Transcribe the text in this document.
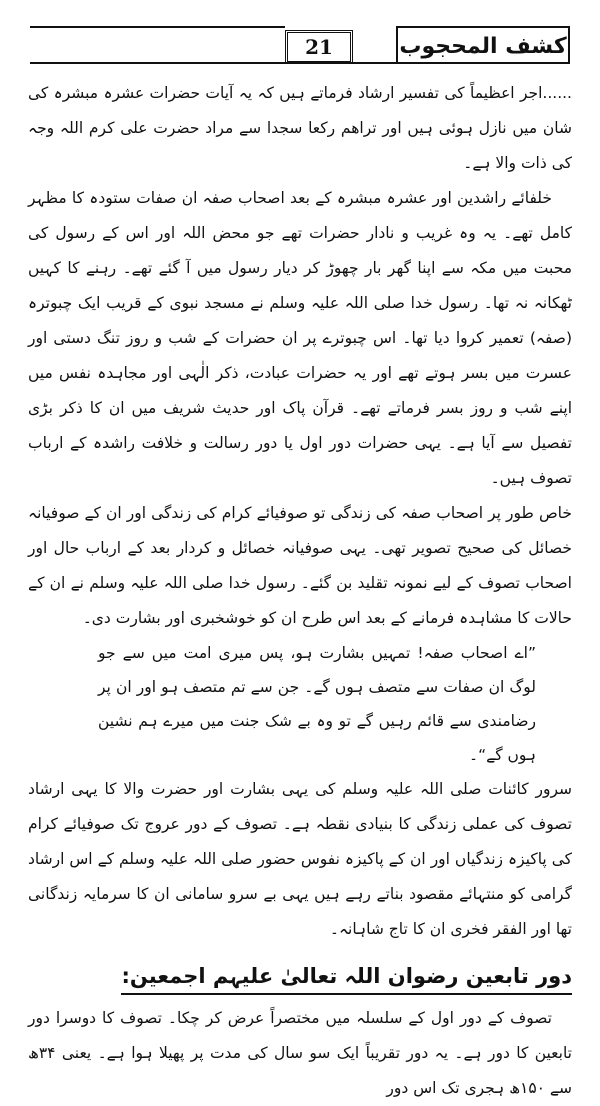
21	کشف المحجوب

......اجر اعظیماً کی تفسیر ارشاد فرماتے ہیں کہ یہ آیات حضرات عشرہ مبشرہ کی شان میں نازل ہوئی ہیں اور تراھم رکعا سجدا سے مراد حضرت علی کرم اللہ وجہ کی ذات والا ہے۔

خلفائے راشدین اور عشرہ مبشرہ کے بعد اصحاب صفہ ان صفات ستودہ کا مظہر کامل تھے۔ یہ وہ غریب و نادار حضرات تھے جو محض اللہ اور اس کے رسول کی محبت میں مکہ سے اپنا گھر بار چھوڑ کر دیار رسول میں آ گئے تھے۔ رہنے کا کہیں ٹھکانہ نہ تھا۔ رسول خدا صلی اللہ علیہ وسلم نے مسجد نبوی کے قریب ایک چبوترہ (صفہ) تعمیر کروا دیا تھا۔ اس چبوترے پر ان حضرات کے شب و روز تنگ دستی اور عسرت میں بسر ہوتے تھے اور یہ حضرات عبادت، ذکر الٰہی اور مجاہدہ نفس میں اپنے شب و روز بسر فرماتے تھے۔ قرآن پاک اور حدیث شریف میں ان کا ذکر بڑی تفصیل سے آیا ہے۔ یہی حضرات دور اول یا دور رسالت و خلافت راشدہ کے ارباب تصوف ہیں۔

خاص طور پر اصحاب صفہ کی زندگی تو صوفیائے کرام کی زندگی اور ان کے صوفیانہ خصائل کی صحیح تصویر تھی۔ یہی صوفیانہ خصائل و کردار بعد کے ارباب حال اور اصحاب تصوف کے لیے نمونہ تقلید بن گئے۔ رسول خدا صلی اللہ علیہ وسلم نے ان کے حالات کا مشاہدہ فرمانے کے بعد اس طرح ان کو خوشخبری اور بشارت دی۔

”اے اصحاب صفہ! تمہیں بشارت ہو، پس میری امت میں سے جو لوگ ان صفات سے متصف ہوں گے۔ جن سے تم متصف ہو اور ان پر رضامندی سے قائم رہیں گے تو وہ بے شک جنت میں میرے ہم نشین ہوں گے“۔

سرور کائنات صلی اللہ علیہ وسلم کی یہی بشارت اور حضرت والا کا یہی ارشاد تصوف کی عملی زندگی کا بنیادی نقطہ ہے۔ تصوف کے دور عروج تک صوفیائے کرام کی پاکیزہ زندگیاں اور ان کے پاکیزہ نفوس حضور صلی اللہ علیہ وسلم کے اس ارشاد گرامی کو منتہائے مقصود بناتے رہے ہیں یہی بے سرو سامانی ان کا سرمایہ زندگانی تھا اور الفقر فخری ان کا تاج شاہانہ۔

دور تابعین رضوان اللہ تعالیٰ علیہم اجمعین:

تصوف کے دور اول کے سلسلہ میں مختصراً عرض کر چکا۔ تصوف کا دوسرا دور تابعین کا دور ہے۔ یہ دور تقریباً ایک سو سال کی مدت پر پھیلا ہوا ہے۔ یعنی ۳۴ھ سے ۱۵۰ھ ہجری تک اس دور
